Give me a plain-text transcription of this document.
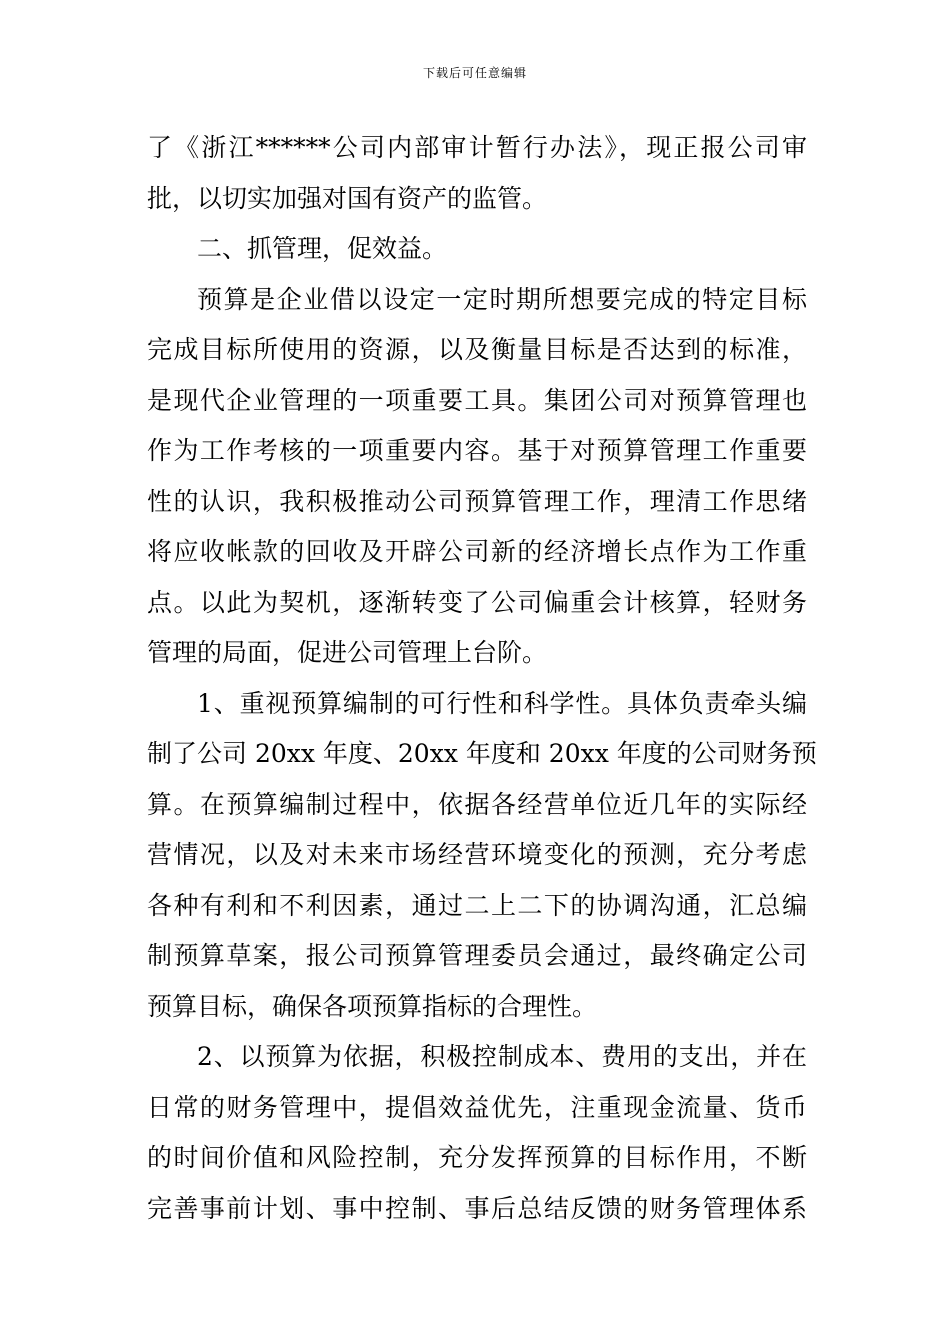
下载后可任意编辑
了《浙江******公司内部审计暂行办法》，现正报公司审
批，以切实加强对国有资产的监管。
二、抓管理，促效益。
预算是企业借以设定一定时期所想要完成的特定目标
完成目标所使用的资源，以及衡量目标是否达到的标准，
是现代企业管理的一项重要工具。集团公司对预算管理也
作为工作考核的一项重要内容。基于对预算管理工作重要
性的认识，我积极推动公司预算管理工作，理清工作思绪
将应收帐款的回收及开辟公司新的经济增长点作为工作重
点。以此为契机，逐渐转变了公司偏重会计核算，轻财务
管理的局面，促进公司管理上台阶。
1、重视预算编制的可行性和科学性。具体负责牵头编
制了公司 20xx 年度、20xx 年度和 20xx 年度的公司财务预
算。在预算编制过程中，依据各经营单位近几年的实际经
营情况，以及对未来市场经营环境变化的预测，充分考虑
各种有利和不利因素，通过二上二下的协调沟通，汇总编
制预算草案，报公司预算管理委员会通过，最终确定公司
预算目标，确保各项预算指标的合理性。
2、以预算为依据，积极控制成本、费用的支出，并在
日常的财务管理中，提倡效益优先，注重现金流量、货币
的时间价值和风险控制，充分发挥预算的目标作用，不断
完善事前计划、事中控制、事后总结反馈的财务管理体系
